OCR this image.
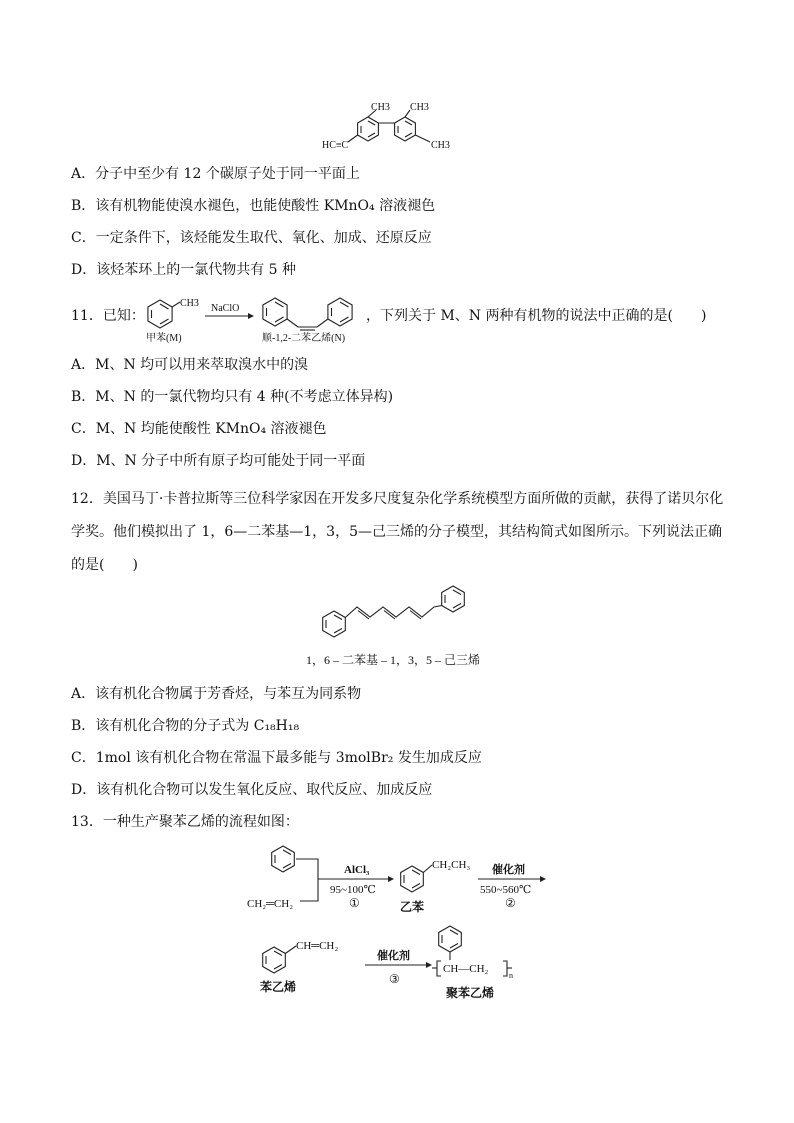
CH3 CH3
CH3
HC≡C
A．分子中至少有 12 个碳原子处于同一平面上
B．该有机物能使溴水褪色，也能使酸性 KMnO₄ 溶液褪色
C．一定条件下，该烃能发生取代、氧化、加成、还原反应
D．该烃苯环上的一氯代物共有 5 种
11．已知：
CH3
甲苯(M)
NaClO
顺-1,2-二苯乙烯(N)
，下列关于 M、N 两种有机物的说法中正确的是(　　)
A．M、N 均可以用来萃取溴水中的溴
B．M、N 的一氯代物均只有 4 种(不考虑立体异构)
C．M、N 均能使酸性 KMnO₄ 溶液褪色
D．M、N 分子中所有原子均可能处于同一平面
12．美国马丁·卡普拉斯等三位科学家因在开发多尺度复杂化学系统模型方面所做的贡献，获得了诺贝尔化学奖。他们模拟出了 1，6—二苯基—1，3，5—己三烯的分子模型，其结构简式如图所示。下列说法正确的是(　　)
1，6 – 二苯基 – 1，3，5 – 己三烯
A．该有机化合物属于芳香烃，与苯互为同系物
B．该有机化合物的分子式为 C₁₈H₁₈
C．1mol 该有机化合物在常温下最多能与 3molBr₂ 发生加成反应
D．该有机化合物可以发生氧化反应、取代反应、加成反应
13．一种生产聚苯乙烯的流程如图：
CH₂═CH₂
AlCl₃
95~100℃
①
CH₂CH₃
乙苯
催化剂
550~560℃
②
CH═CH₂
苯乙烯
催化剂
③
CH—CH₂
n
聚苯乙烯
